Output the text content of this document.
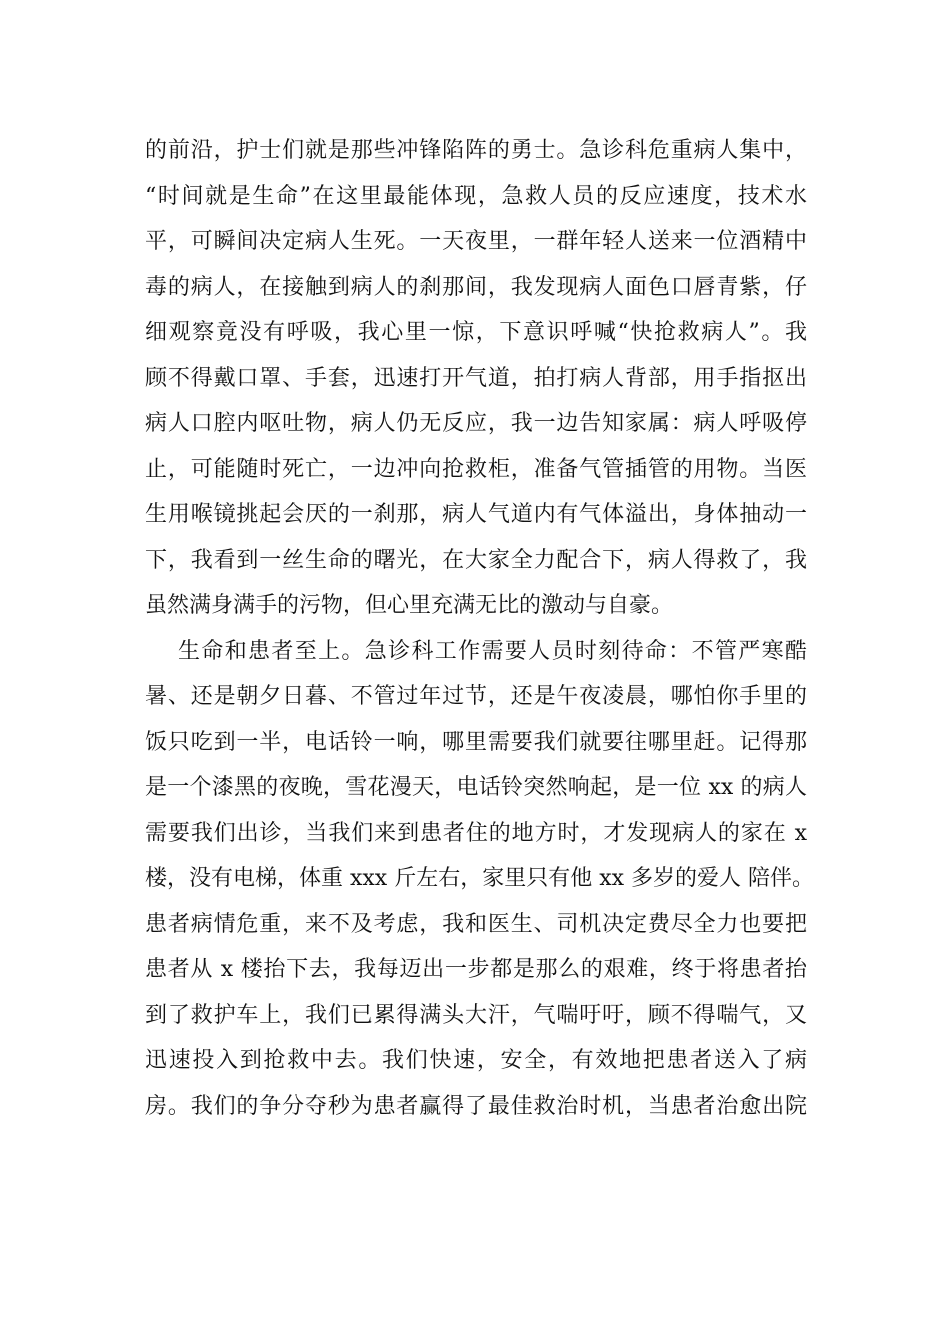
的前沿，护士们就是那些冲锋陷阵的勇士。急诊科危重病人集中，
“时间就是生命”在这里最能体现，急救人员的反应速度，技术水
平，可瞬间决定病人生死。一天夜里，一群年轻人送来一位酒精中
毒的病人，在接触到病人的刹那间，我发现病人面色口唇青紫，仔
细观察竟没有呼吸，我心里一惊，下意识呼喊“快抢救病人”。我
顾不得戴口罩、手套，迅速打开气道，拍打病人背部，用手指抠出
病人口腔内呕吐物，病人仍无反应，我一边告知家属：病人呼吸停
止，可能随时死亡，一边冲向抢救柜，准备气管插管的用物。当医
生用喉镜挑起会厌的一刹那，病人气道内有气体溢出，身体抽动一
下，我看到一丝生命的曙光，在大家全力配合下，病人得救了，我
虽然满身满手的污物，但心里充满无比的激动与自豪。
生命和患者至上。急诊科工作需要人员时刻待命：不管严寒酷
暑、还是朝夕日暮、不管过年过节，还是午夜凌晨，哪怕你手里的
饭只吃到一半，电话铃一响，哪里需要我们就要往哪里赶。记得那
是一个漆黑的夜晚，雪花漫天，电话铃突然响起，是一位 xx 的病人
需要我们出诊，当我们来到患者住的地方时，才发现病人的家在 x
楼，没有电梯，体重 xxx 斤左右，家里只有他 xx 多岁的爱人 陪伴。
患者病情危重，来不及考虑，我和医生、司机决定费尽全力也要把
患者从 x 楼抬下去，我每迈出一步都是那么的艰难，终于将患者抬
到了救护车上，我们已累得满头大汗，气喘吁吁，顾不得喘气，又
迅速投入到抢救中去。我们快速，安全，有效地把患者送入了病
房。我们的争分夺秒为患者赢得了最佳救治时机，当患者治愈出院
